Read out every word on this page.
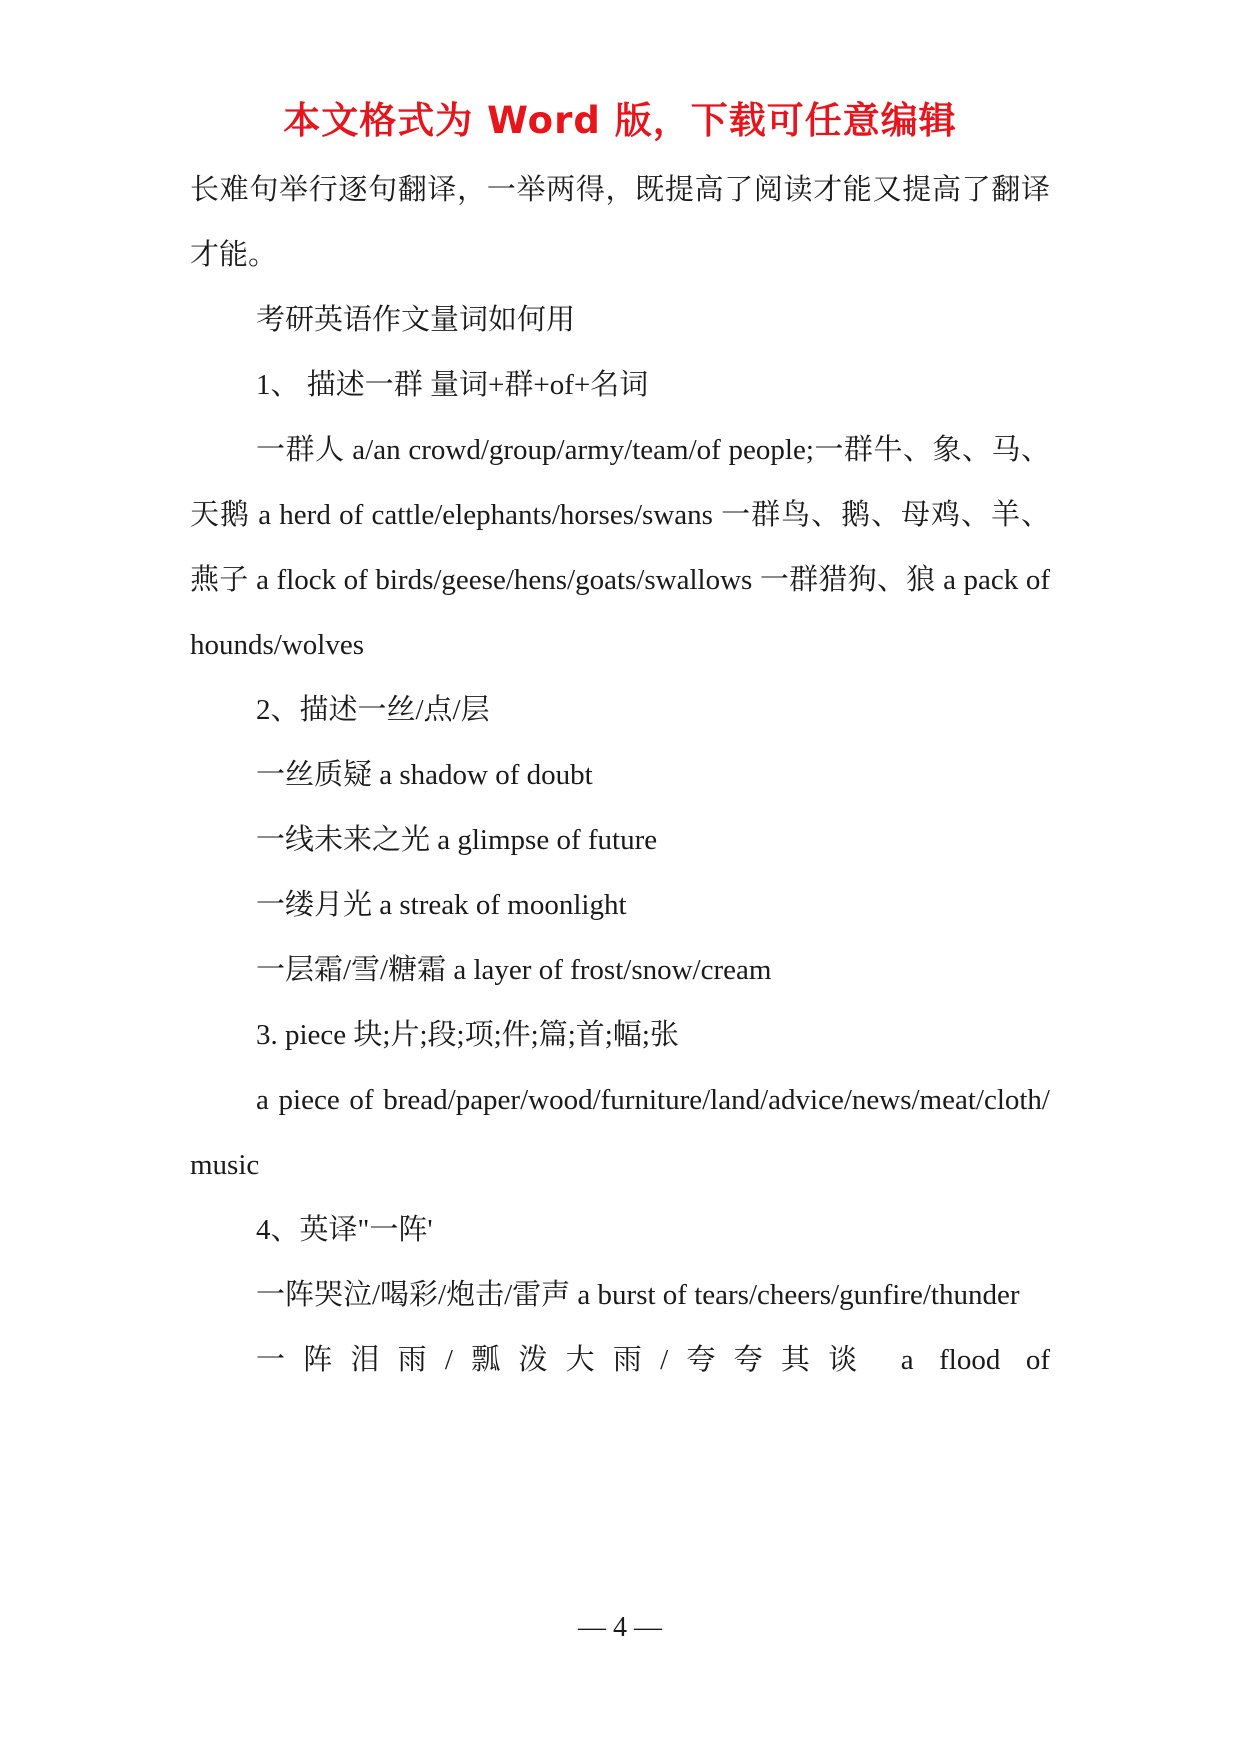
本文格式为 Word 版，下载可任意编辑

长难句举行逐句翻译，一举两得，既提高了阅读才能又提高了翻译才能。

考研英语作文量词如何用

1、 描述一群 量词+群+of+名词

一群人 a/an crowd/group/army/team/of people;一群牛、象、马、天鹅 a herd of cattle/elephants/horses/swans 一群鸟、鹅、母鸡、羊、燕子 a flock of birds/geese/hens/goats/swallows 一群猎狗、狼 a pack of hounds/wolves

2、描述一丝/点/层

一丝质疑 a shadow of doubt

一线未来之光 a glimpse of future

一缕月光 a streak of moonlight

一层霜/雪/糖霜 a layer of frost/snow/cream

3. piece 块;片;段;项;件;篇;首;幅;张

a piece of bread/paper/wood/furniture/land/advice/news/meat/cloth/music

4、英译"一阵'

一阵哭泣/喝彩/炮击/雷声 a burst of tears/cheers/gunfire/thunder

一阵泪雨/瓢泼大雨/夸夸其谈 a flood of

— 4 —
